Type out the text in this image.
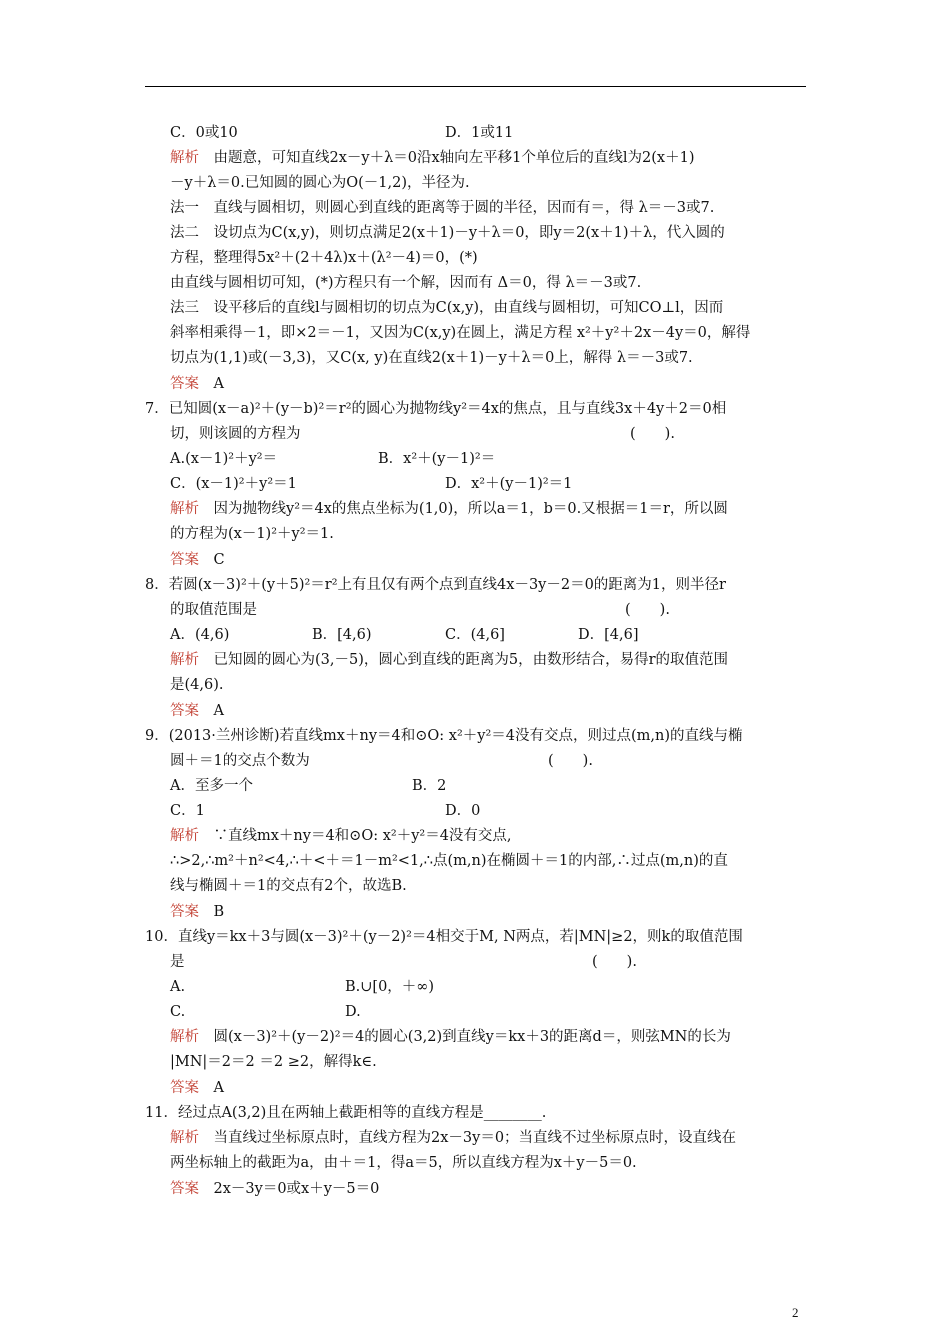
C．0或10	D．1或11
解析　 由题意，可知直线2x－y＋λ＝0沿x轴向左平移1个单位后的直线l为2(x＋1)
－y＋λ＝0.已知圆的圆心为O(－1,2)，半径为.
法一　直线与圆相切，则圆心到直线的距离等于圆的半径，因而有＝，得 λ＝－3或7.
法二　设切点为C(x,y)，则切点满足2(x＋1)－y＋λ＝0，即y＝2(x＋1)＋λ，代入圆的
方程，整理得5x²＋(2＋4λ)x＋(λ²－4)＝0，(*)
由直线与圆相切可知，(*)方程只有一个解，因而有 Δ＝0，得 λ＝－3或7.
法三　设平移后的直线l与圆相切的切点为C(x,y)，由直线与圆相切，可知CO⊥l，因而
斜率相乘得－1，即×2＝－1，又因为C(x,y)在圆上，满足方程 x²＋y²＋2x－4y＝0，解得
切点为(1,1)或(－3,3)，又C(x, y)在直线2(x＋1)－y＋λ＝0上，解得 λ＝－3或7.
答案　 A
7．已知圆(x－a)²＋(y－b)²＝r²的圆心为抛物线y²＝4x的焦点，且与直线3x＋4y＋2＝0相
切，则该圆的方程为	(　　).
A.(x－1)²＋y²＝	B．x²＋(y－1)²＝
C．(x－1)²＋y²＝1	D．x²＋(y－1)²＝1
解析　 因为抛物线y²＝4x的焦点坐标为(1,0)，所以a＝1，b＝0.又根据＝1＝r，所以圆
的方程为(x－1)²＋y²＝1.
答案　 C
8．若圆(x－3)²＋(y＋5)²＝r²上有且仅有两个点到直线4x－3y－2＝0的距离为1，则半径r
的取值范围是	(　　).
A．(4,6)	B．[4,6)	C．(4,6]	D．[4,6]
解析　 已知圆的圆心为(3,－5)，圆心到直线的距离为5，由数形结合，易得r的取值范围
是(4,6).
答案　 A
9．(2013·兰州诊断)若直线mx＋ny＝4和⊙O: x²＋y²＝4没有交点，则过点(m,n)的直线与椭
圆＋＝1的交点个数为	(　　).
A．至多一个	B．2
C．1	D．0
解析　 ∵直线mx＋ny＝4和⊙O: x²＋y²＝4没有交点,
∴>2,∴m²＋n²<4,∴＋<＋＝1－m²<1,∴点(m,n)在椭圆＋＝1的内部,∴过点(m,n)的直
线与椭圆＋＝1的交点有2个，故选B.
答案　 B
10．直线y＝kx＋3与圆(x－3)²＋(y－2)²＝4相交于M, N两点，若|MN|≥2，则k的取值范围
是	(　　).
A.	B.∪[0，＋∞)
C.	D.
解析　 圆(x－3)²＋(y－2)²＝4的圆心(3,2)到直线y＝kx＋3的距离d＝，则弦MN的长为
|MN|＝2＝2 ＝2 ≥2，解得k∈.
答案　 A
11．经过点A(3,2)且在两轴上截距相等的直线方程是________.
解析　 当直线过坐标原点时，直线方程为2x－3y＝0；当直线不过坐标原点时，设直线在
两坐标轴上的截距为a，由＋＝1，得a＝5，所以直线方程为x＋y－5＝0.
答案　 2x－3y＝0或x＋y－5＝0
2
